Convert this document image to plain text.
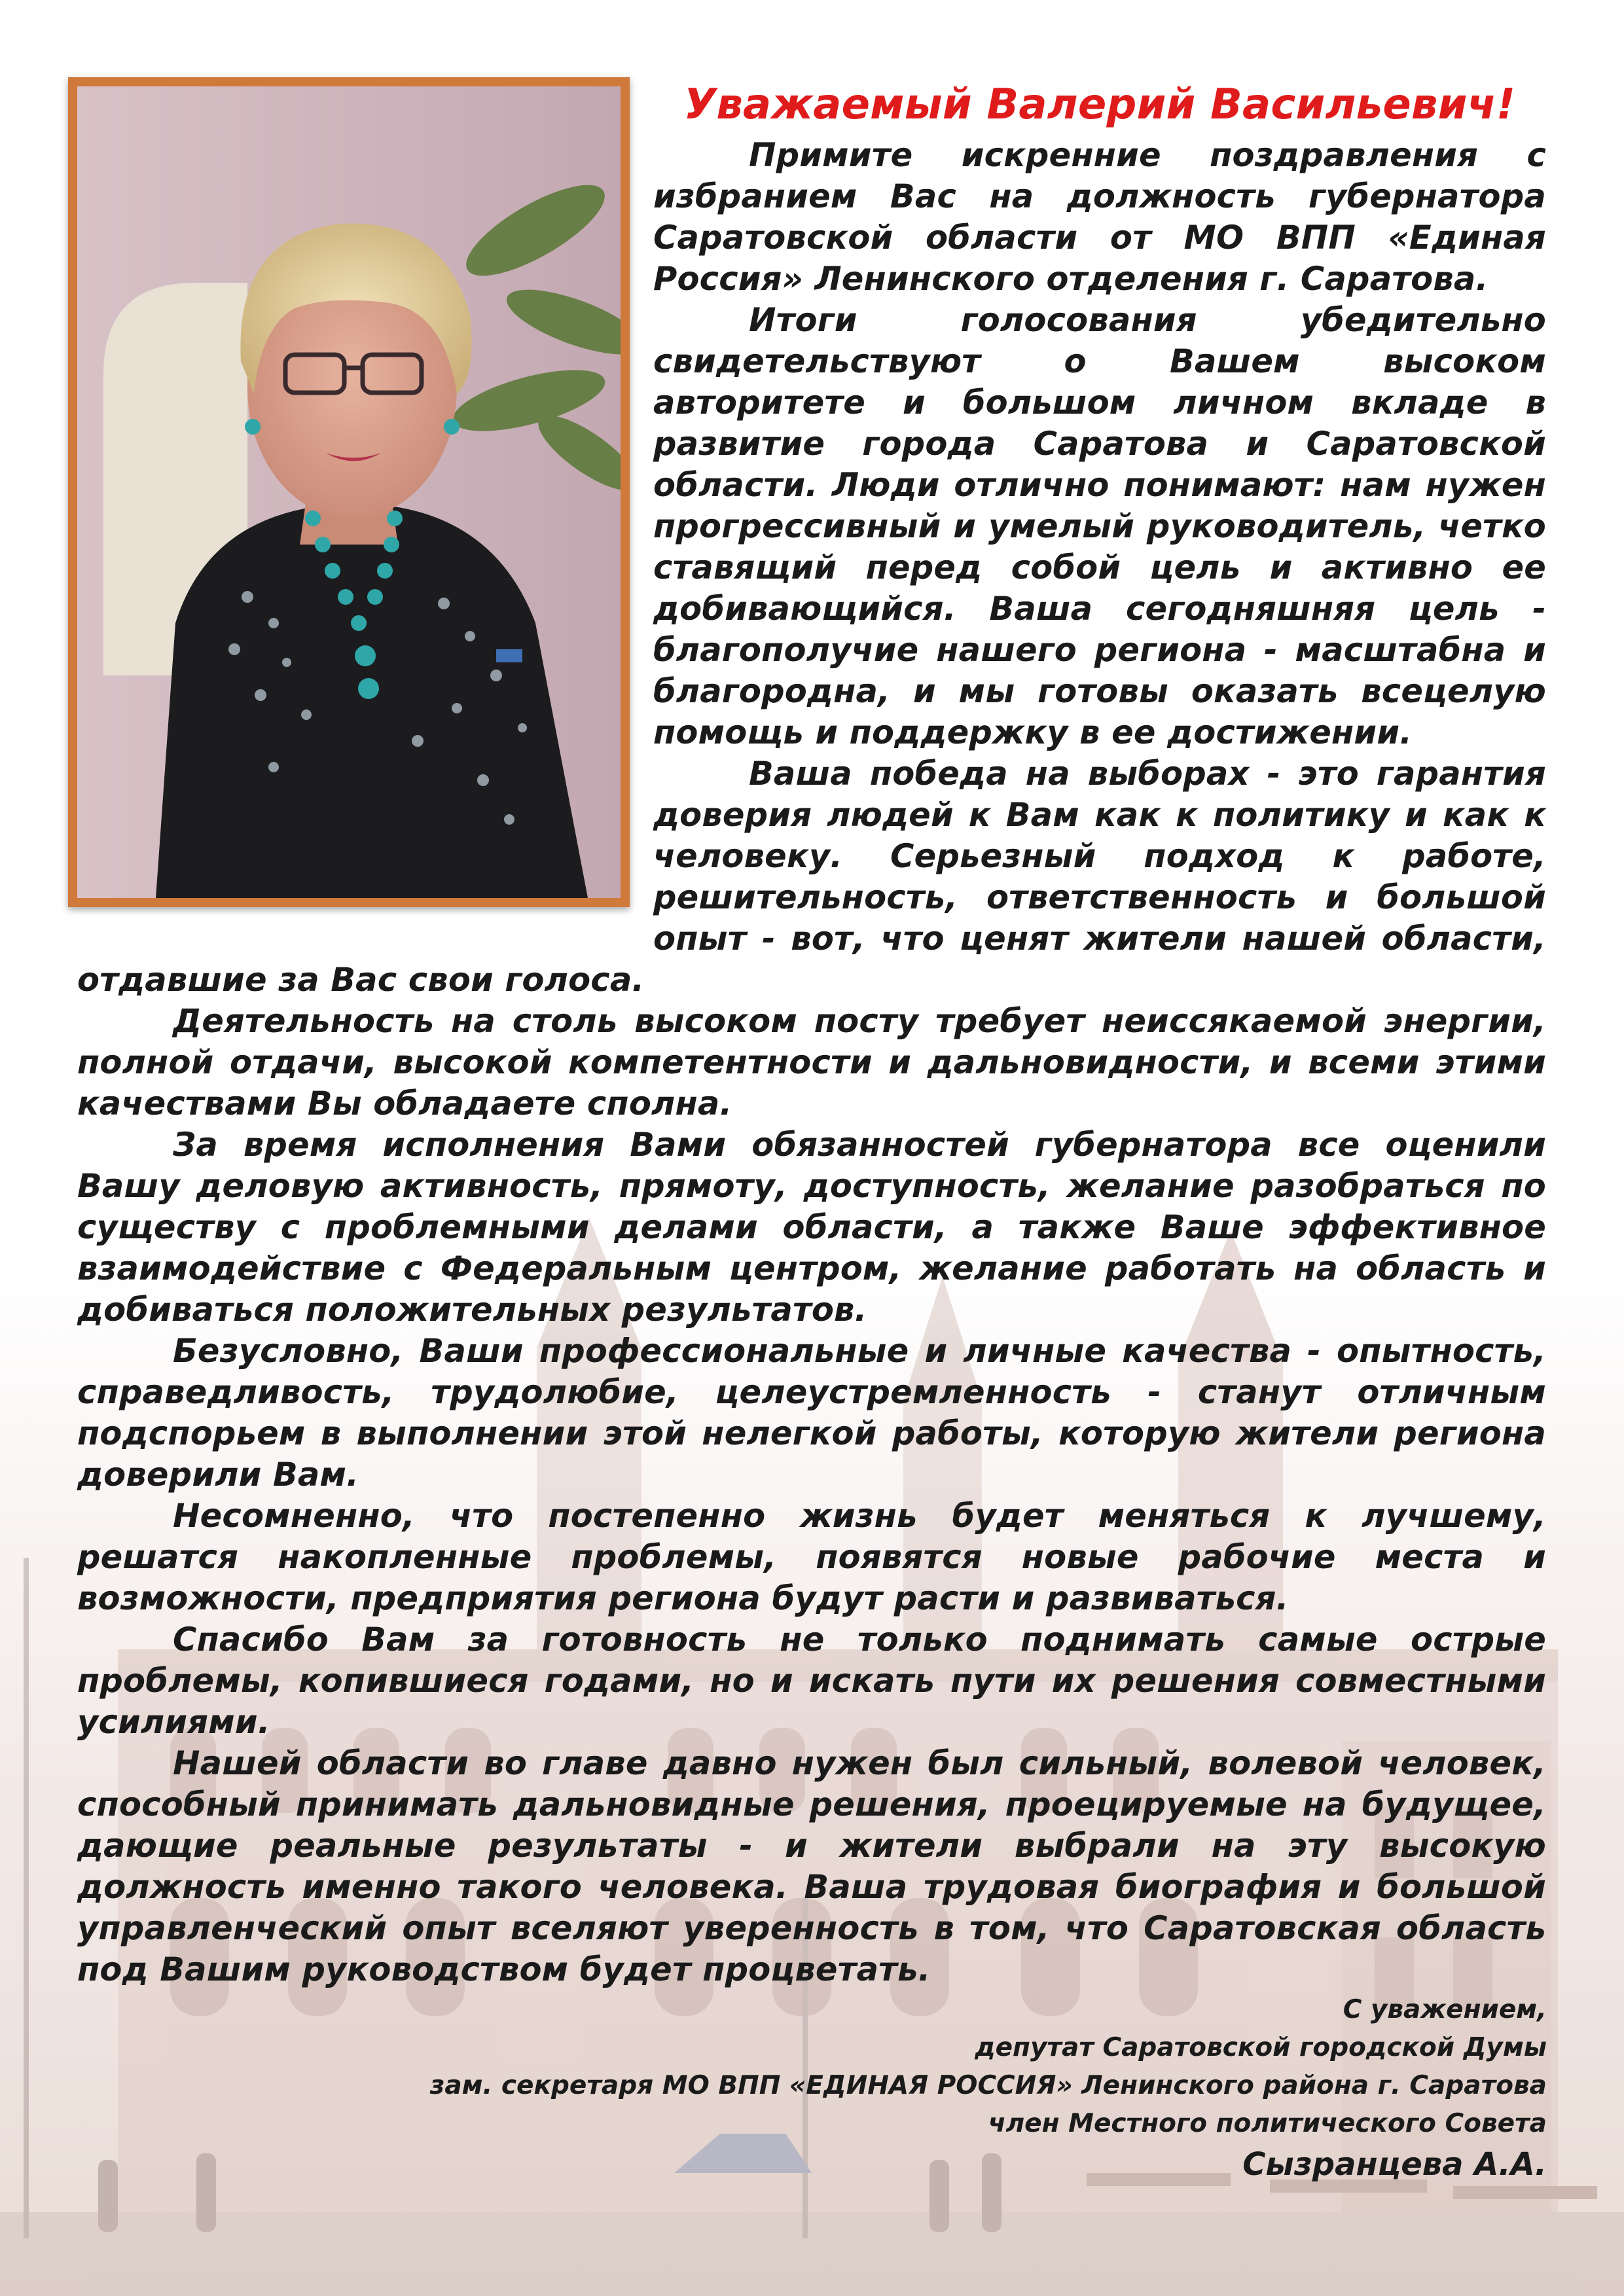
Уважаемый Валерий Васильевич!

Примите искренние поздравления с избранием Вас на должность губернатора Саратовской области от МО ВПП «Единая Россия» Ленинского отделения г. Саратова.

Итоги голосования убедительно свидетельствуют о Вашем высоком авторитете и большом личном вкладе в развитие города Саратова и Саратовской области. Люди отлично понимают: нам нужен прогрессивный и умелый руководитель, четко ставящий перед собой цель и активно ее добивающийся. Ваша сегодняшняя цель - благополучие нашего региона - масштабна и благородна, и мы готовы оказать всецелую помощь и поддержку в ее достижении.

Ваша победа на выборах - это гарантия доверия людей к Вам как к политику и как к человеку. Серьезный подход к работе, решительность, ответственность и большой опыт - вот, что ценят жители нашей области, отдавшие за Вас свои голоса.

Деятельность на столь высоком посту требует неиссякаемой энергии, полной отдачи, высокой компетентности и дальновидности, и всеми этими качествами Вы обладаете сполна.

За время исполнения Вами обязанностей губернатора все оценили Вашу деловую активность, прямоту, доступность, желание разобраться по существу с проблемными делами области, а также Ваше эффективное взаимодействие с Федеральным центром, желание работать на область и добиваться положительных результатов.

Безусловно, Ваши профессиональные и личные качества - опытность, справедливость, трудолюбие, целеустремленность - станут отличным подспорьем в выполнении этой нелегкой работы, которую жители региона доверили Вам.

Несомненно, что постепенно жизнь будет меняться к лучшему, решатся накопленные проблемы, появятся новые рабочие места и возможности, предприятия региона будут расти и развиваться.

Спасибо Вам за готовность не только поднимать самые острые проблемы, копившиеся годами, но и искать пути их решения совместными усилиями.

Нашей области во главе давно нужен был сильный, волевой человек, способный принимать дальновидные решения, проецируемые на будущее, дающие реальные результаты - и жители выбрали на эту высокую должность именно такого человека. Ваша трудовая биография и большой управленческий опыт вселяют уверенность в том, что Саратовская область под Вашим руководством будет процветать.

С уважением,
депутат Саратовской городской Думы
зам. секретаря МО ВПП «ЕДИНАЯ РОССИЯ» Ленинского района г. Саратова
член Местного политического Совета
Сызранцева А.А.
